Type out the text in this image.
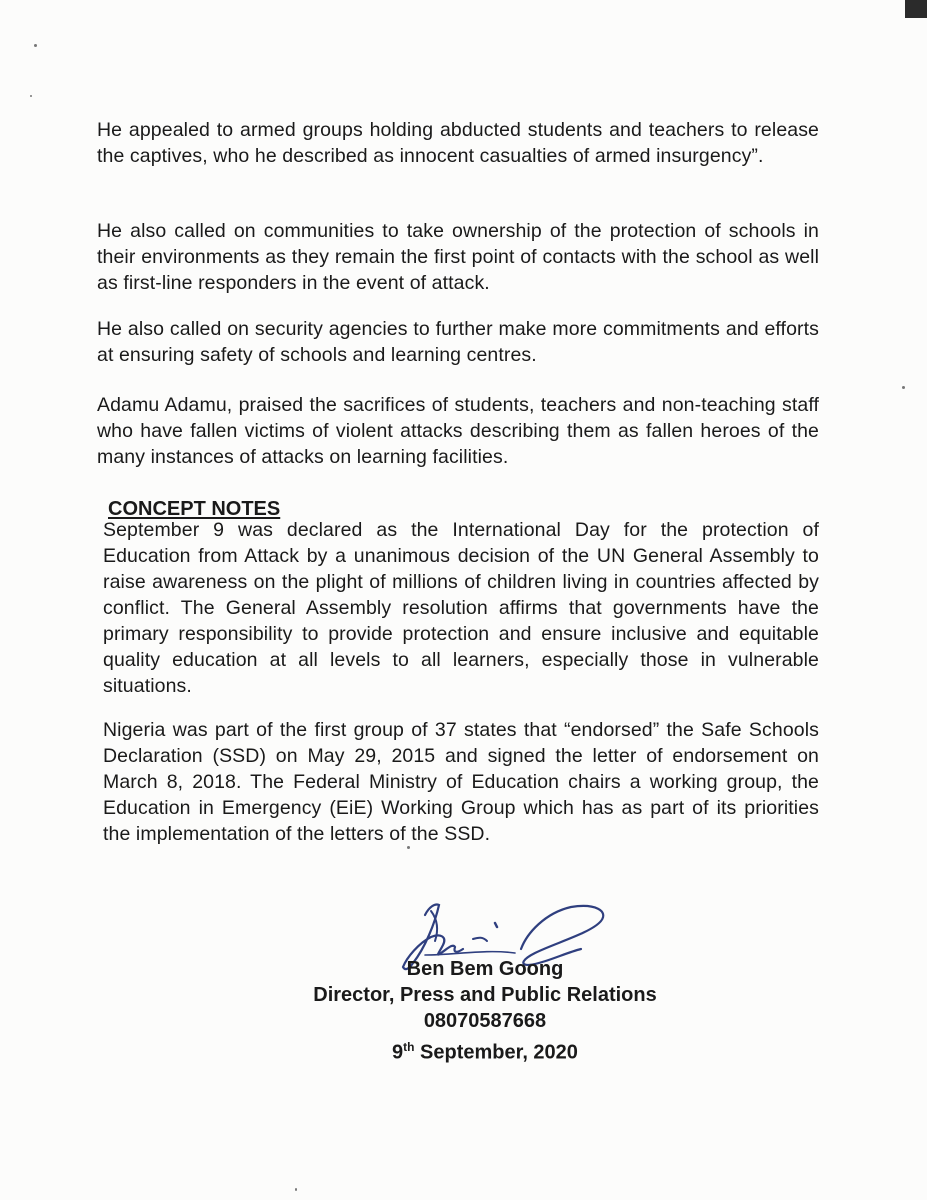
He appealed to armed groups holding abducted students and teachers to release the captives, who he described as innocent casualties of armed insurgency”.

He also called on communities to take ownership of the protection of schools in their environments as they remain the first point of contacts with the school as well as first-line responders in the event of attack.

He also called on security agencies to further make more commitments and efforts at ensuring safety of schools and learning centres.

Adamu Adamu, praised the sacrifices of students, teachers and non-teaching staff who have fallen victims of violent attacks describing them as fallen heroes of the many instances of attacks on learning facilities.

CONCEPT NOTES

September 9 was declared as the International Day for the protection of Education from Attack by a unanimous decision of the UN General Assembly to raise awareness on the plight of millions of children living in countries affected by conflict. The General Assembly resolution affirms that governments have the primary responsibility to provide protection and ensure inclusive and equitable quality education at all levels to all learners, especially those in vulnerable situations.

Nigeria was part of the first group of 37 states that “endorsed” the Safe Schools Declaration (SSD) on May 29, 2015 and signed the letter of endorsement on March 8, 2018. The Federal Ministry of Education chairs a working group, the Education in Emergency (EiE) Working Group which has as part of its priorities the implementation of the letters of the SSD.

Ben Bem Goong
Director, Press and Public Relations
08070587668
9th September, 2020
